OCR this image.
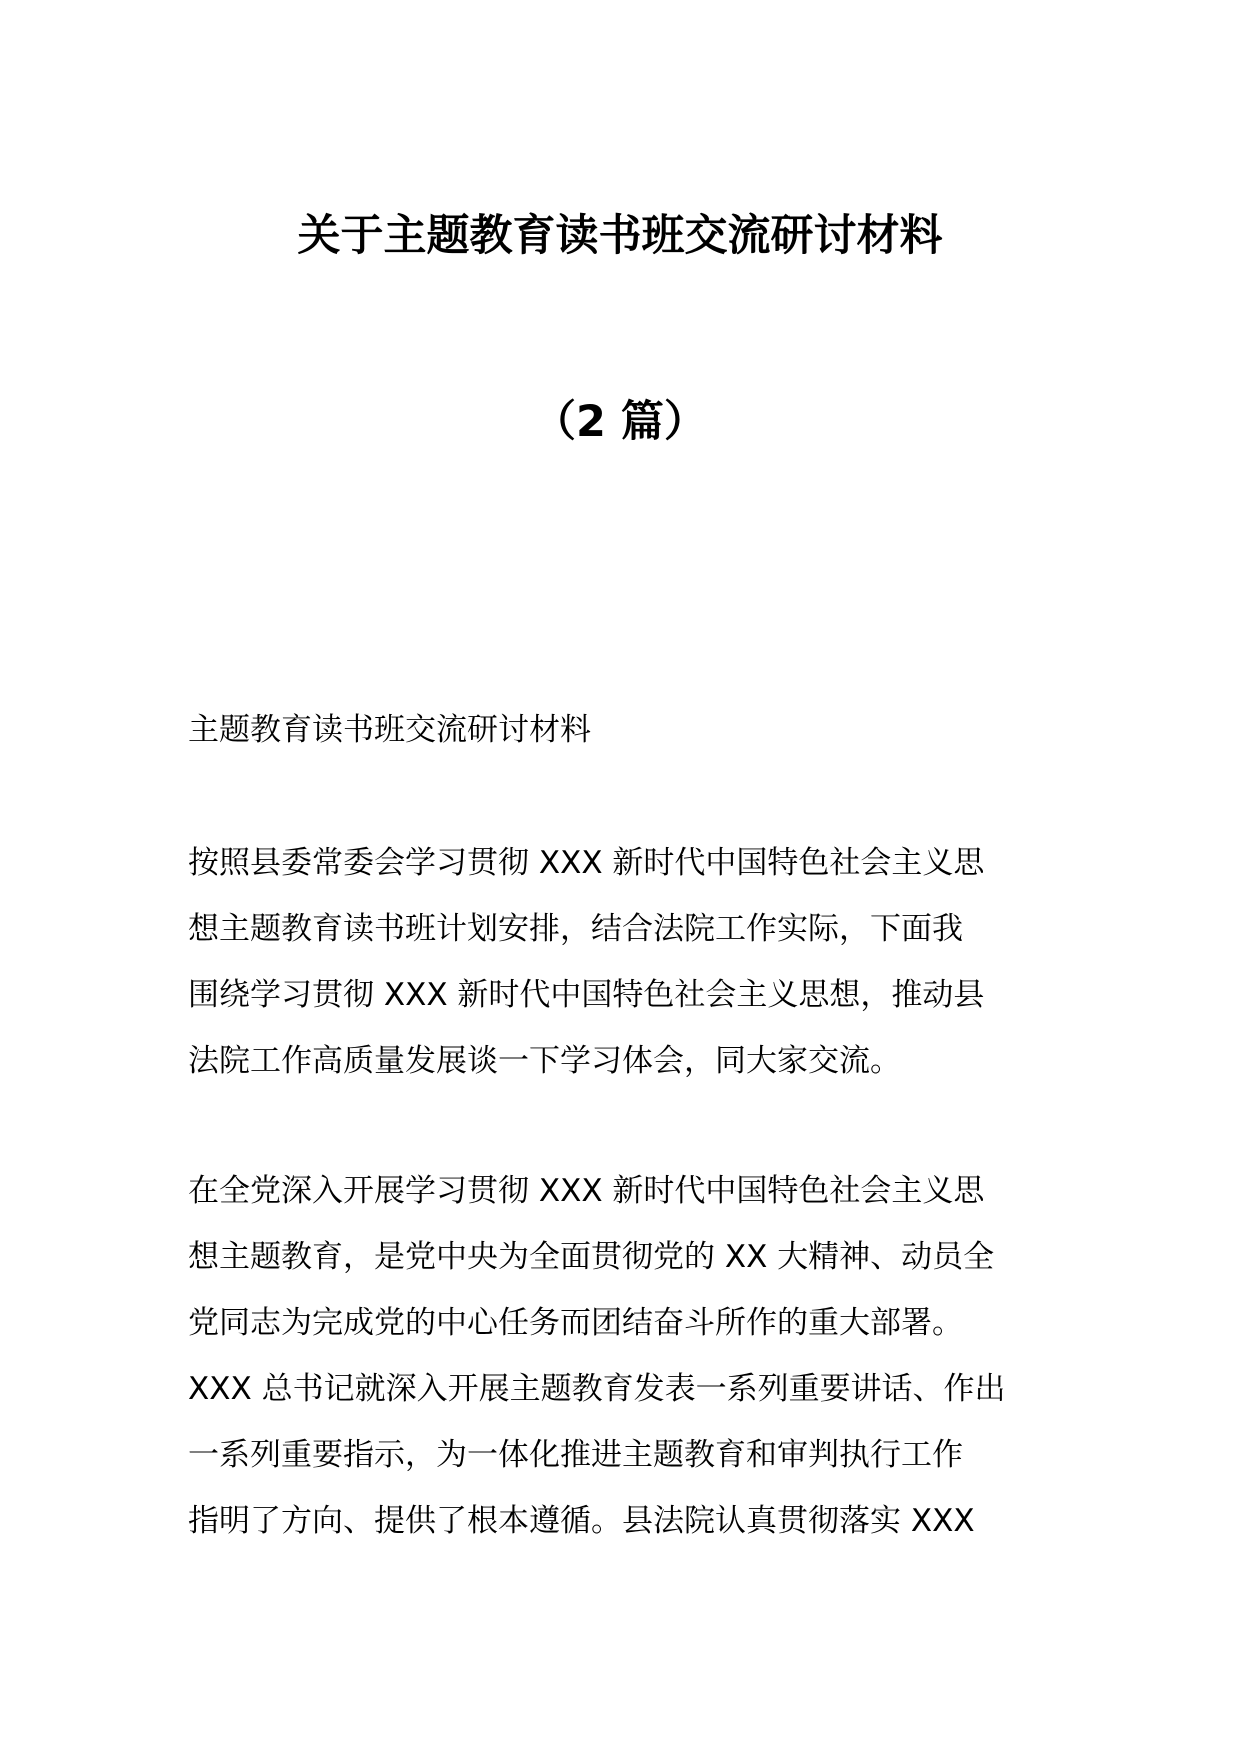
关于主题教育读书班交流研讨材料
（2 篇）

主题教育读书班交流研讨材料

按照县委常委会学习贯彻 XXX 新时代中国特色社会主义思
想主题教育读书班计划安排，结合法院工作实际，下面我
围绕学习贯彻 XXX 新时代中国特色社会主义思想，推动县
法院工作高质量发展谈一下学习体会，同大家交流。
在全党深入开展学习贯彻 XXX 新时代中国特色社会主义思
想主题教育，是党中央为全面贯彻党的 XX 大精神、动员全
党同志为完成党的中心任务而团结奋斗所作的重大部署。
XXX 总书记就深入开展主题教育发表一系列重要讲话、作出
一系列重要指示，为一体化推进主题教育和审判执行工作
指明了方向、提供了根本遵循。县法院认真贯彻落实 XXX
